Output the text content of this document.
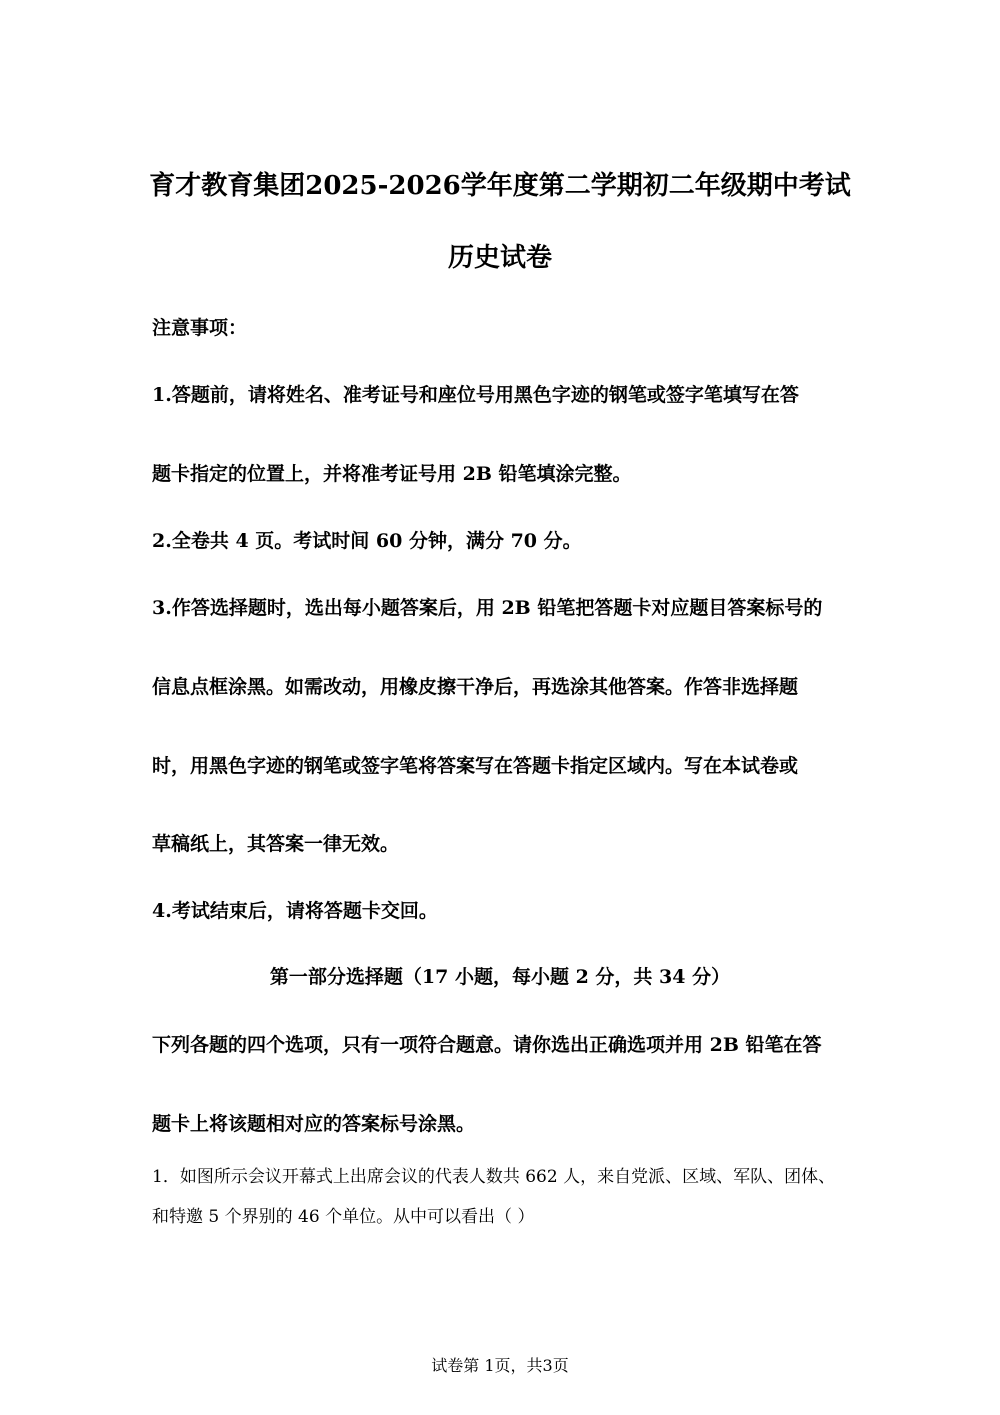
育才教育集团2025-2026学年度第二学期初二年级期中考试
历史试卷
注意事项：
1.答题前，请将姓名、准考证号和座位号用黑色字迹的钢笔或签字笔填写在答
题卡指定的位置上，并将准考证号用 2B 铅笔填涂完整。
2.全卷共 4 页。考试时间 60 分钟，满分 70 分。
3.作答选择题时，选出每小题答案后，用 2B 铅笔把答题卡对应题目答案标号的
信息点框涂黑。如需改动，用橡皮擦干净后，再选涂其他答案。作答非选择题
时，用黑色字迹的钢笔或签字笔将答案写在答题卡指定区域内。写在本试卷或
草稿纸上，其答案一律无效。
4.考试结束后，请将答题卡交回。
第一部分选择题（17 小题，每小题 2 分，共 34 分）
下列各题的四个选项，只有一项符合题意。请你选出正确选项并用 2B 铅笔在答
题卡上将该题相对应的答案标号涂黑。
1．如图所示会议开幕式上出席会议的代表人数共 662 人，来自党派、区域、军队、团体、
和特邀 5 个界别的 46 个单位。从中可以看出（ ）
试卷第 1页，共3页
